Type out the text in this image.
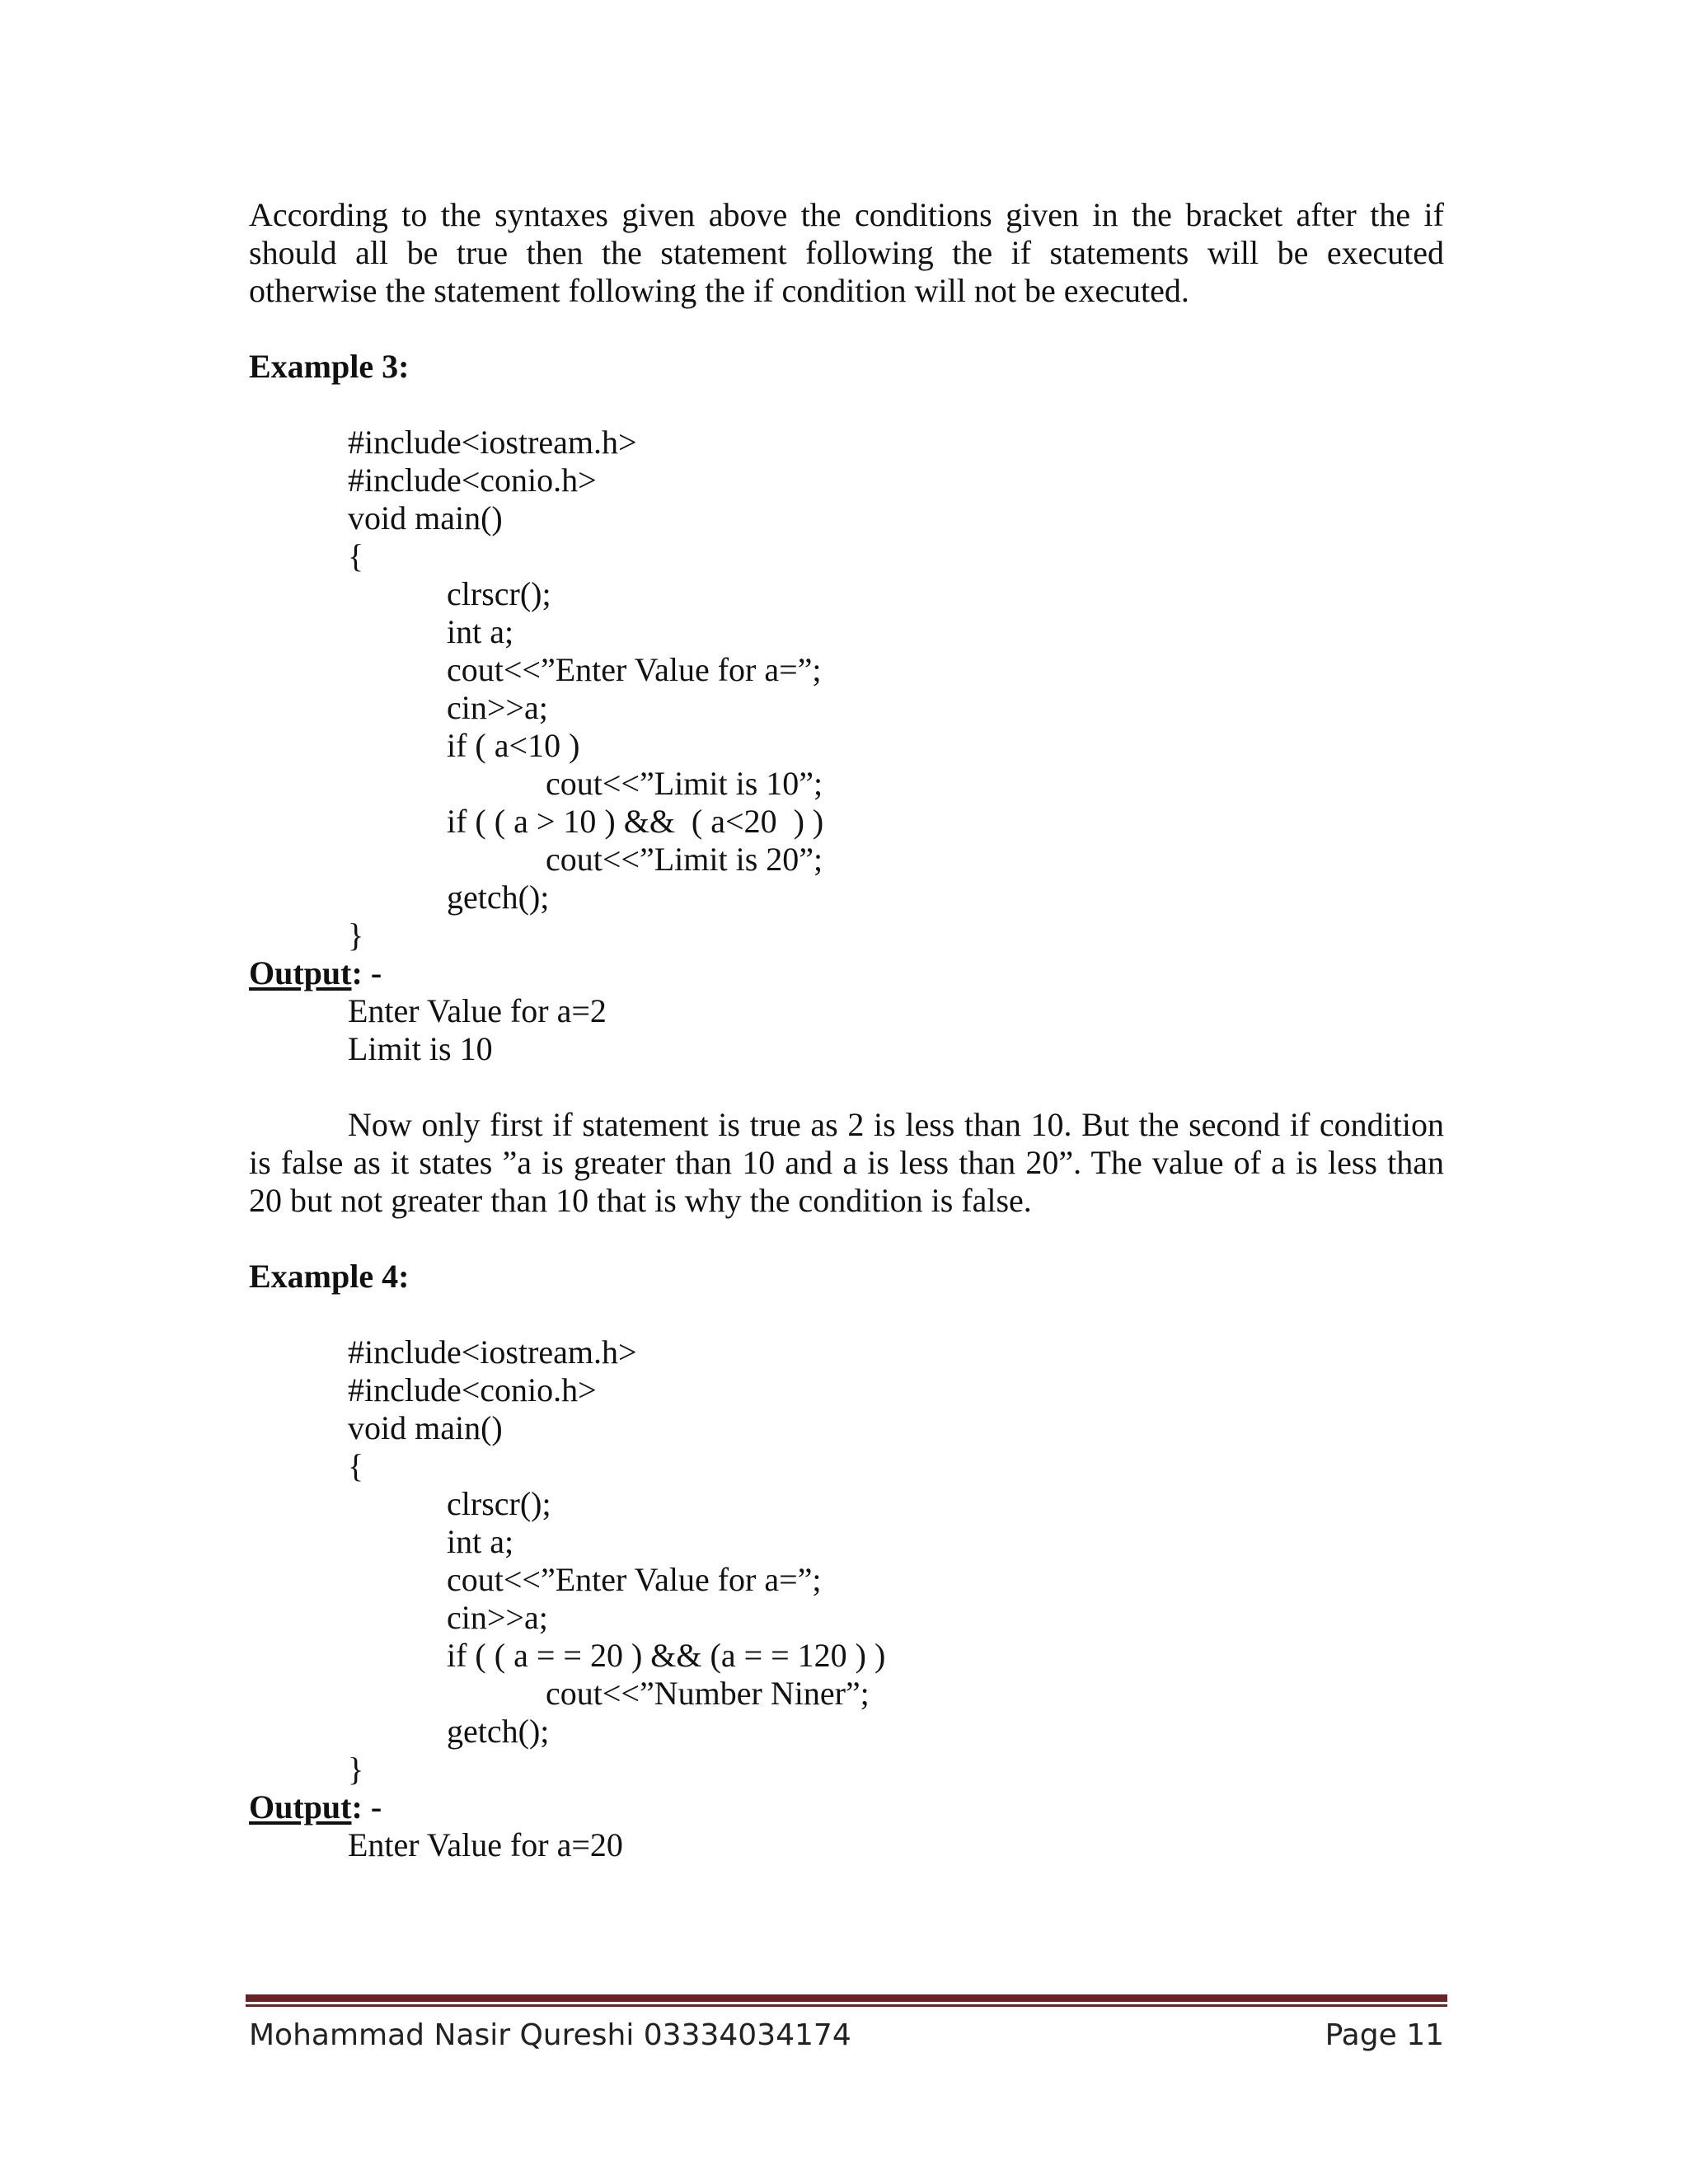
According to the syntaxes given above the conditions given in the bracket after the if should all be true then the statement following the if statements will be executed otherwise the statement following the if condition will not be executed.

Example 3:

#include<iostream.h>
#include<conio.h>
void main()
{
clrscr();
int a;
cout<<”Enter Value for a=”;
cin>>a;
if ( a<10 )
cout<<”Limit is 10”;
if ( ( a > 10 ) &&  ( a<20  ) )
cout<<”Limit is 20”;
getch();
}
Output: -
Enter Value for a=2
Limit is 10

Now only first if statement is true as 2 is less than 10. But the second if condition is false as it states ”a is greater than 10 and a is less than 20”. The value of a is less than 20 but not greater than 10 that is why the condition is false.

Example 4:

#include<iostream.h>
#include<conio.h>
void main()
{
clrscr();
int a;
cout<<”Enter Value for a=”;
cin>>a;
if ( ( a = = 20 ) && (a = = 120 ) )
cout<<”Number Niner”;
getch();
}
Output: -
Enter Value for a=20
Mohammad Nasir Qureshi 03334034174	Page 11
